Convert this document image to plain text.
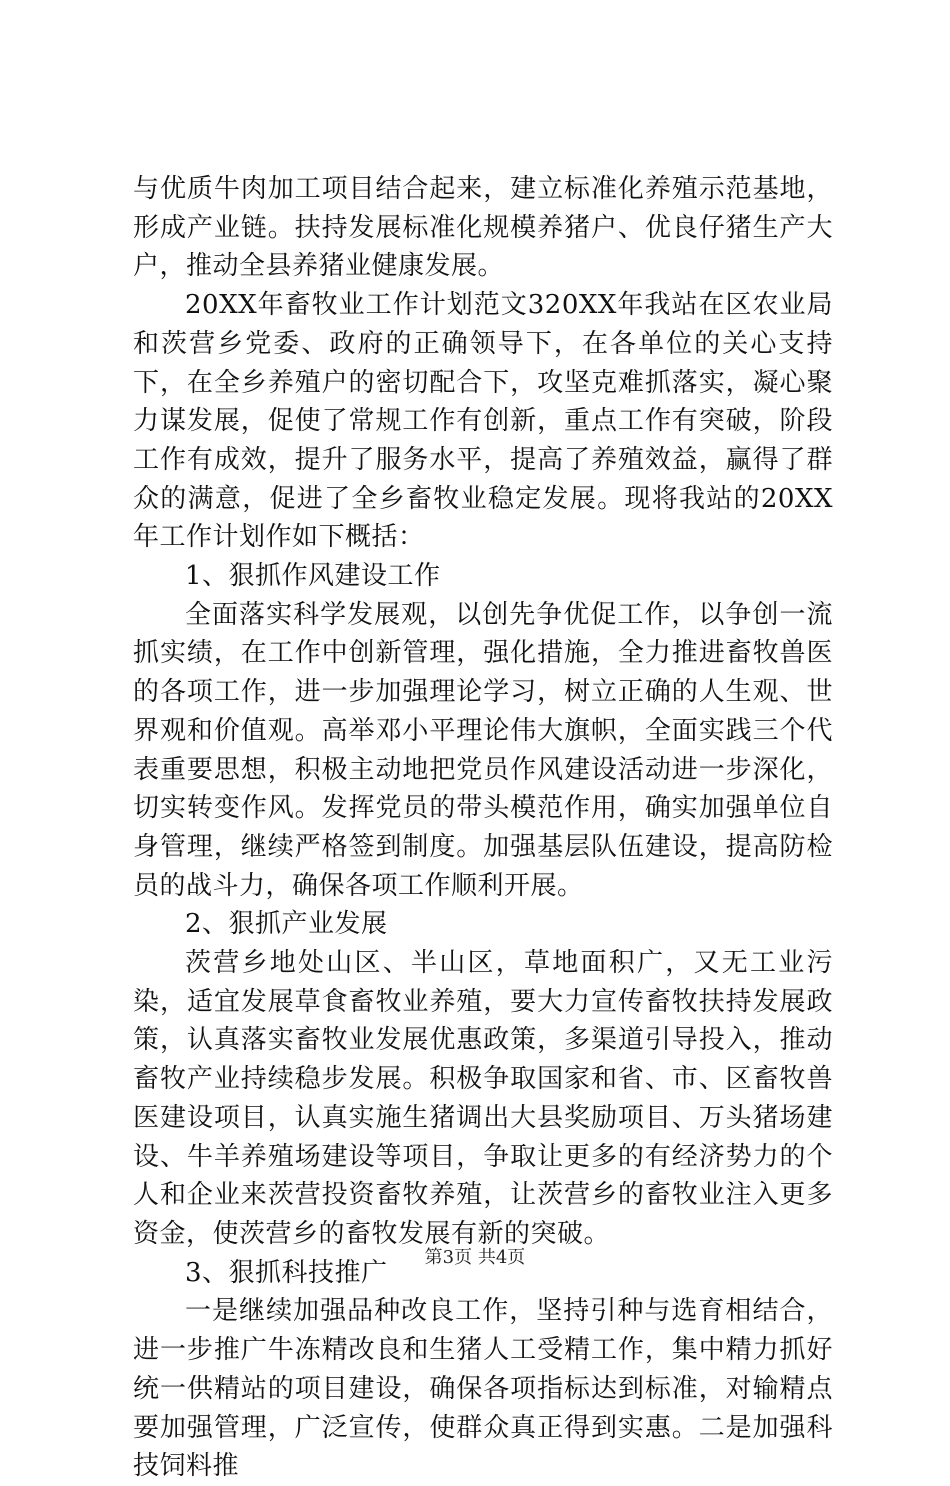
与优质牛肉加工项目结合起来，建立标准化养殖示范基地，形成产业链。扶持发展标准化规模养猪户、优良仔猪生产大户，推动全县养猪业健康发展。

20XX年畜牧业工作计划范文320XX年我站在区农业局和茨营乡党委、政府的正确领导下，在各单位的关心支持下，在全乡养殖户的密切配合下，攻坚克难抓落实，凝心聚力谋发展，促使了常规工作有创新，重点工作有突破，阶段工作有成效，提升了服务水平，提高了养殖效益，赢得了群众的满意，促进了全乡畜牧业稳定发展。现将我站的20XX年工作计划作如下概括：

1、狠抓作风建设工作

全面落实科学发展观，以创先争优促工作，以争创一流抓实绩，在工作中创新管理，强化措施，全力推进畜牧兽医的各项工作，进一步加强理论学习，树立正确的人生观、世界观和价值观。高举邓小平理论伟大旗帜，全面实践三个代表重要思想，积极主动地把党员作风建设活动进一步深化，切实转变作风。发挥党员的带头模范作用，确实加强单位自身管理，继续严格签到制度。加强基层队伍建设，提高防检员的战斗力，确保各项工作顺利开展。

2、狠抓产业发展

茨营乡地处山区、半山区，草地面积广，又无工业污染，适宜发展草食畜牧业养殖，要大力宣传畜牧扶持发展政策，认真落实畜牧业发展优惠政策，多渠道引导投入，推动畜牧产业持续稳步发展。积极争取国家和省、市、区畜牧兽医建设项目，认真实施生猪调出大县奖励项目、万头猪场建设、牛羊养殖场建设等项目，争取让更多的有经济势力的个人和企业来茨营投资畜牧养殖，让茨营乡的畜牧业注入更多资金，使茨营乡的畜牧发展有新的突破。

3、狠抓科技推广

一是继续加强品种改良工作，坚持引种与选育相结合，进一步推广牛冻精改良和生猪人工受精工作，集中精力抓好统一供精站的项目建设，确保各项指标达到标准，对输精点要加强管理，广泛宣传，使群众真正得到实惠。二是加强科技饲料推

第3页 共4页
